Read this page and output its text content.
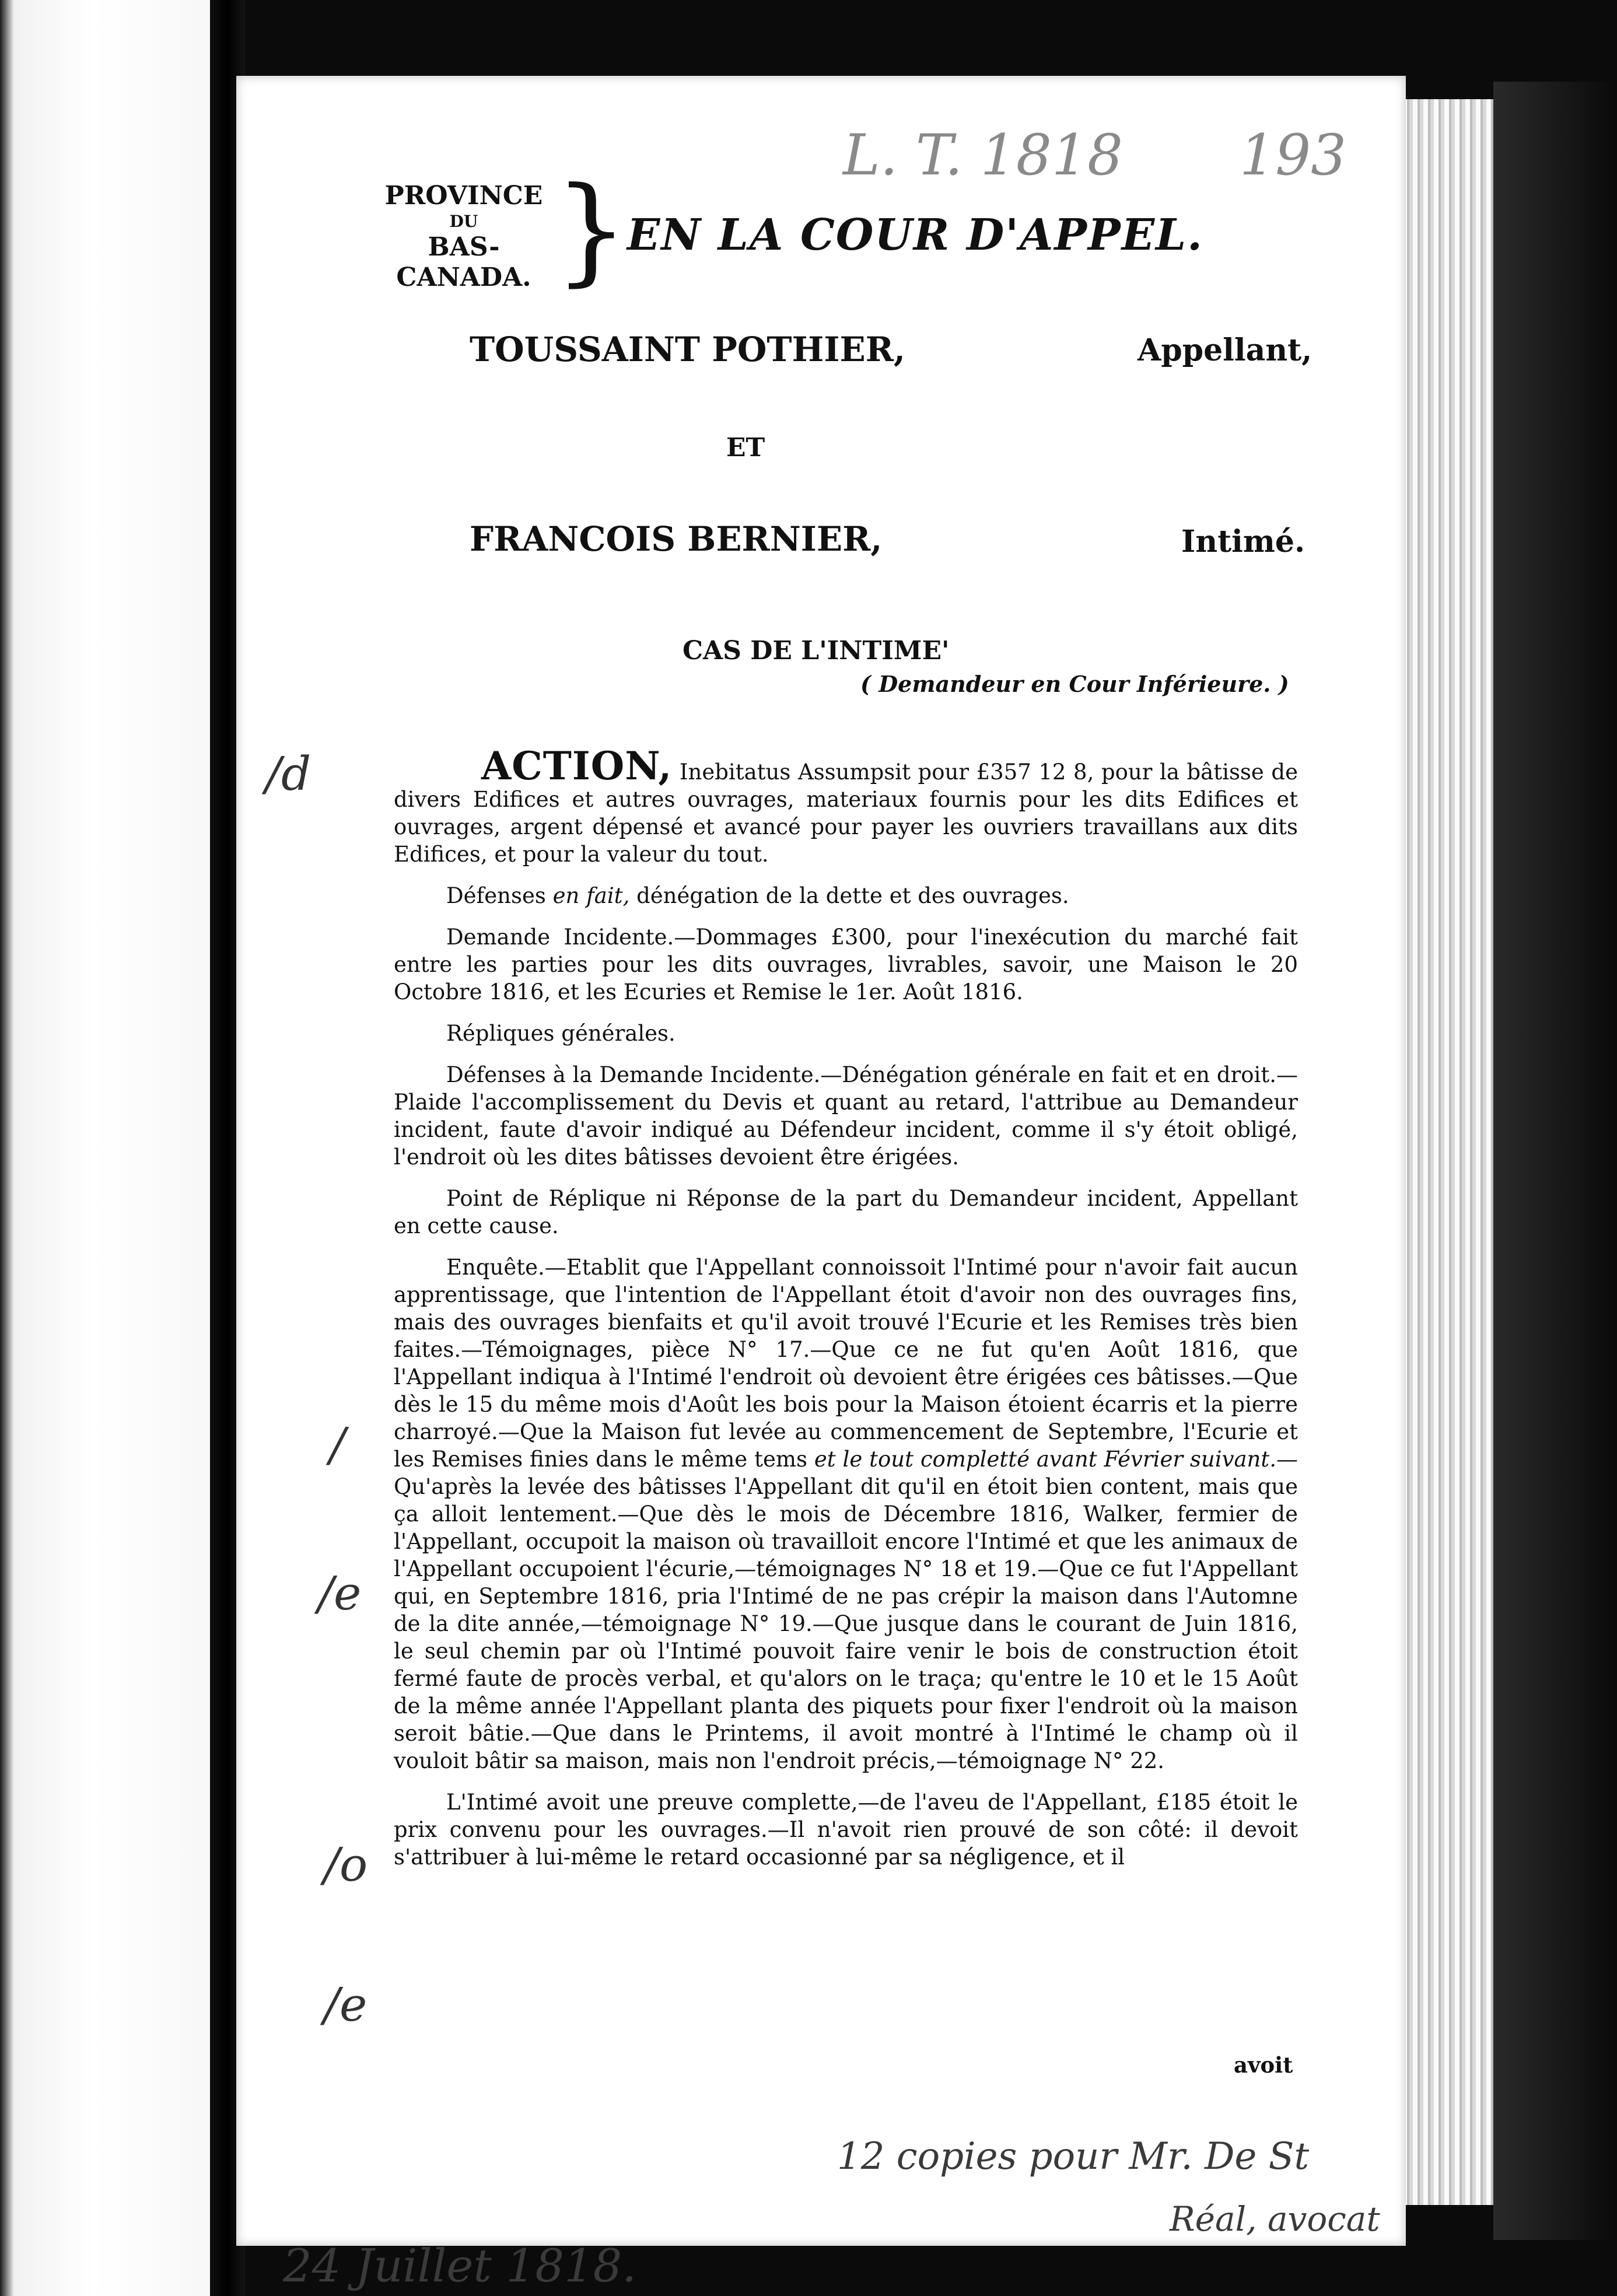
L. T. 1818 193
PROVINCE

DU
BAS-CANADA. }
EN LA COUR D'APPEL.
TOUSSAINT POTHIER,	Appellant,
ET
FRANCOIS BERNIER,	Intimé.
CAS DE L'INTIME'
( Demandeur en Cour Inférieure. )

ACTION, Inebitatus Assumpsit pour £357 12 8, pour la bâtisse de divers Edifices et autres ouvrages, materiaux fournis pour les dits Edifices et ouvrages, argent dépensé et avancé pour payer les ouvriers travaillans aux dits Edifices, et pour la valeur du tout.

Défenses en fait, dénégation de la dette et des ouvrages.

Demande Incidente.—Dommages £300, pour l'inexécution du marché fait entre les parties pour les dits ouvrages, livrables, savoir, une Maison le 20 Octobre 1816, et les Ecuries et Remise le 1er. Août 1816.

Répliques générales.

Défenses à la Demande Incidente.—Dénégation générale en fait et en droit.—Plaide l'accomplissement du Devis et quant au retard, l'attribue au Demandeur incident, faute d'avoir indiqué au Défendeur incident, comme il s'y étoit obligé, l'endroit où les dites bâtisses devoient être érigées.

Point de Réplique ni Réponse de la part du Demandeur incident, Appellant en cette cause.

Enquête.—Etablit que l'Appellant connoissoit l'Intimé pour n'avoir fait aucun apprentissage, que l'intention de l'Appellant étoit d'avoir non des ouvrages fins, mais des ouvrages bienfaits et qu'il avoit trouvé l'Ecurie et les Remises très bien faites.—Témoignages, pièce N° 17.—Que ce ne fut qu'en Août 1816, que l'Appellant indiqua à l'Intimé l'endroit où devoient être érigées ces bâtisses.—Que dès le 15 du même mois d'Août les bois pour la Maison étoient écarris et la pierre charroyé.—Que la Maison fut levée au commencement de Septembre, l'Ecurie et les Remises finies dans le même tems et le tout completté avant Février suivant.—Qu'après la levée des bâtisses l'Appellant dit qu'il en étoit bien content, mais que ça alloit lentement.—Que dès le mois de Décembre 1816, Walker, fermier de l'Appellant, occupoit la maison où travailloit encore l'Intimé et que les animaux de l'Appellant occupoient l'écurie,—témoignages N° 18 et 19.—Que ce fut l'Appellant qui, en Septembre 1816, pria l'Intimé de ne pas crépir la maison dans l'Automne de la dite année,—témoignage N° 19.—Que jusque dans le courant de Juin 1816, le seul chemin par où l'Intimé pouvoit faire venir le bois de construction étoit fermé faute de procès verbal, et qu'alors on le traça; qu'entre le 10 et le 15 Août de la même année l'Appellant planta des piquets pour fixer l'endroit où la maison seroit bâtie.—Que dans le Printems, il avoit montré à l'Intimé le champ où il vouloit bâtir sa maison, mais non l'endroit précis,—témoignage N° 22.

L'Intimé avoit une preuve complette,—de l'aveu de l'Appellant, £185 étoit le prix convenu pour les ouvrages.—Il n'avoit rien prouvé de son côté: il devoit s'attribuer à lui-même le retard occasionné par sa négligence, et il

avoit
/d
/
/e
/o
/e
12 copies pour Mr. De St
Réal, avocat
24 Juillet 1818.
